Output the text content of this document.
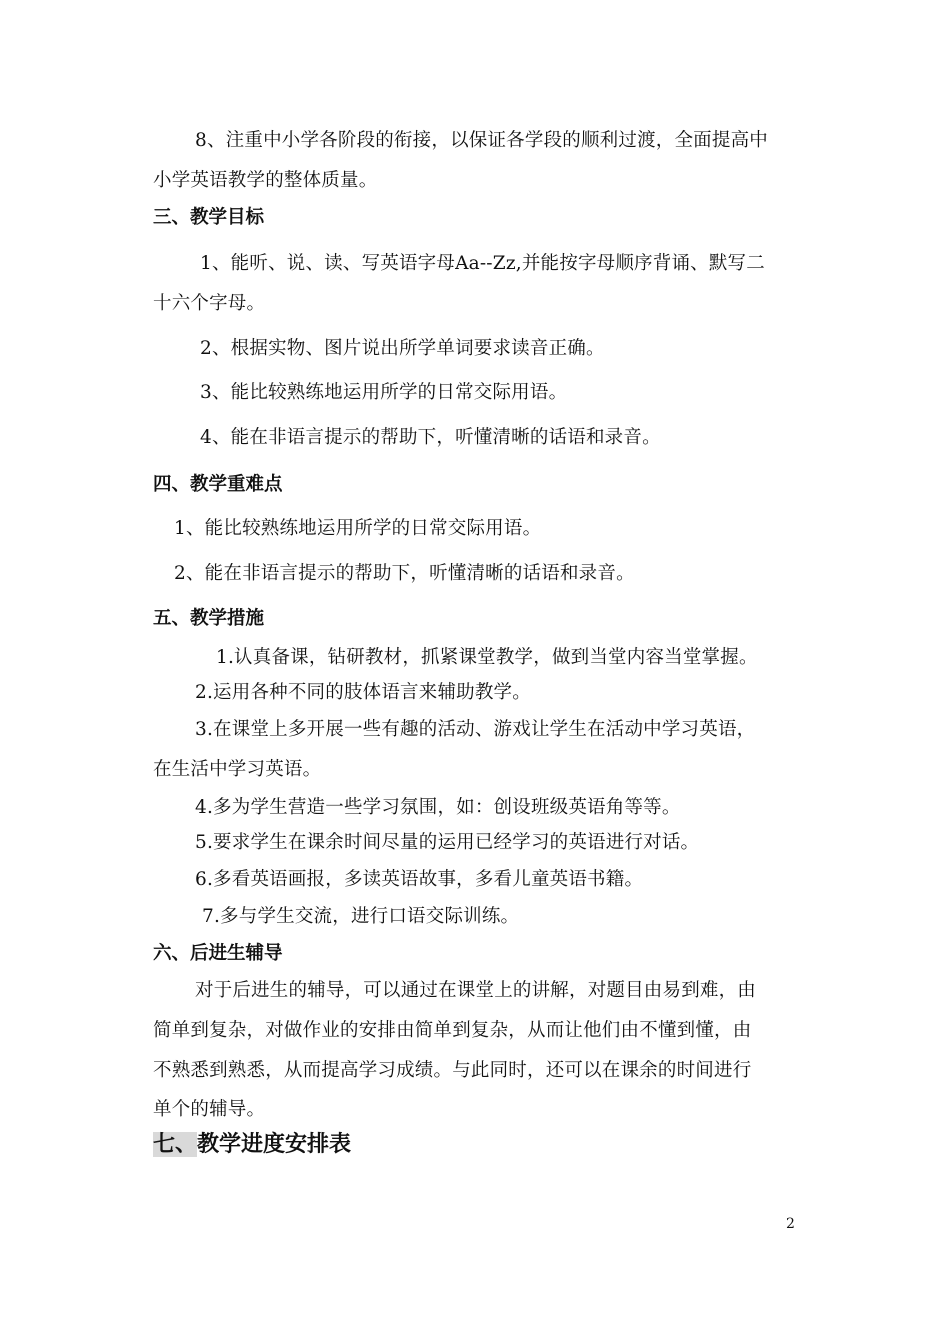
8、注重中小学各阶段的衔接，以保证各学段的顺利过渡，全面提高中
小学英语教学的整体质量。
三、教学目标
1、能听、说、读、写英语字母Aa--Zz,并能按字母顺序背诵、默写二
十六个字母。
2、根据实物、图片说出所学单词要求读音正确。
3、能比较熟练地运用所学的日常交际用语。
4、能在非语言提示的帮助下，听懂清晰的话语和录音。
四、教学重难点
1、能比较熟练地运用所学的日常交际用语。
2、能在非语言提示的帮助下，听懂清晰的话语和录音。
五、教学措施
1.认真备课，钻研教材，抓紧课堂教学，做到当堂内容当堂掌握。
2.运用各种不同的肢体语言来辅助教学。
3.在课堂上多开展一些有趣的活动、游戏让学生在活动中学习英语，
在生活中学习英语。
4.多为学生营造一些学习氛围，如：创设班级英语角等等。
5.要求学生在课余时间尽量的运用已经学习的英语进行对话。
6.多看英语画报，多读英语故事，多看儿童英语书籍。
7.多与学生交流，进行口语交际训练。
六、后进生辅导
对于后进生的辅导，可以通过在课堂上的讲解，对题目由易到难，由
简单到复杂，对做作业的安排由简单到复杂，从而让他们由不懂到懂，由
不熟悉到熟悉，从而提高学习成绩。与此同时，还可以在课余的时间进行
单个的辅导。
七、教学进度安排表
2
